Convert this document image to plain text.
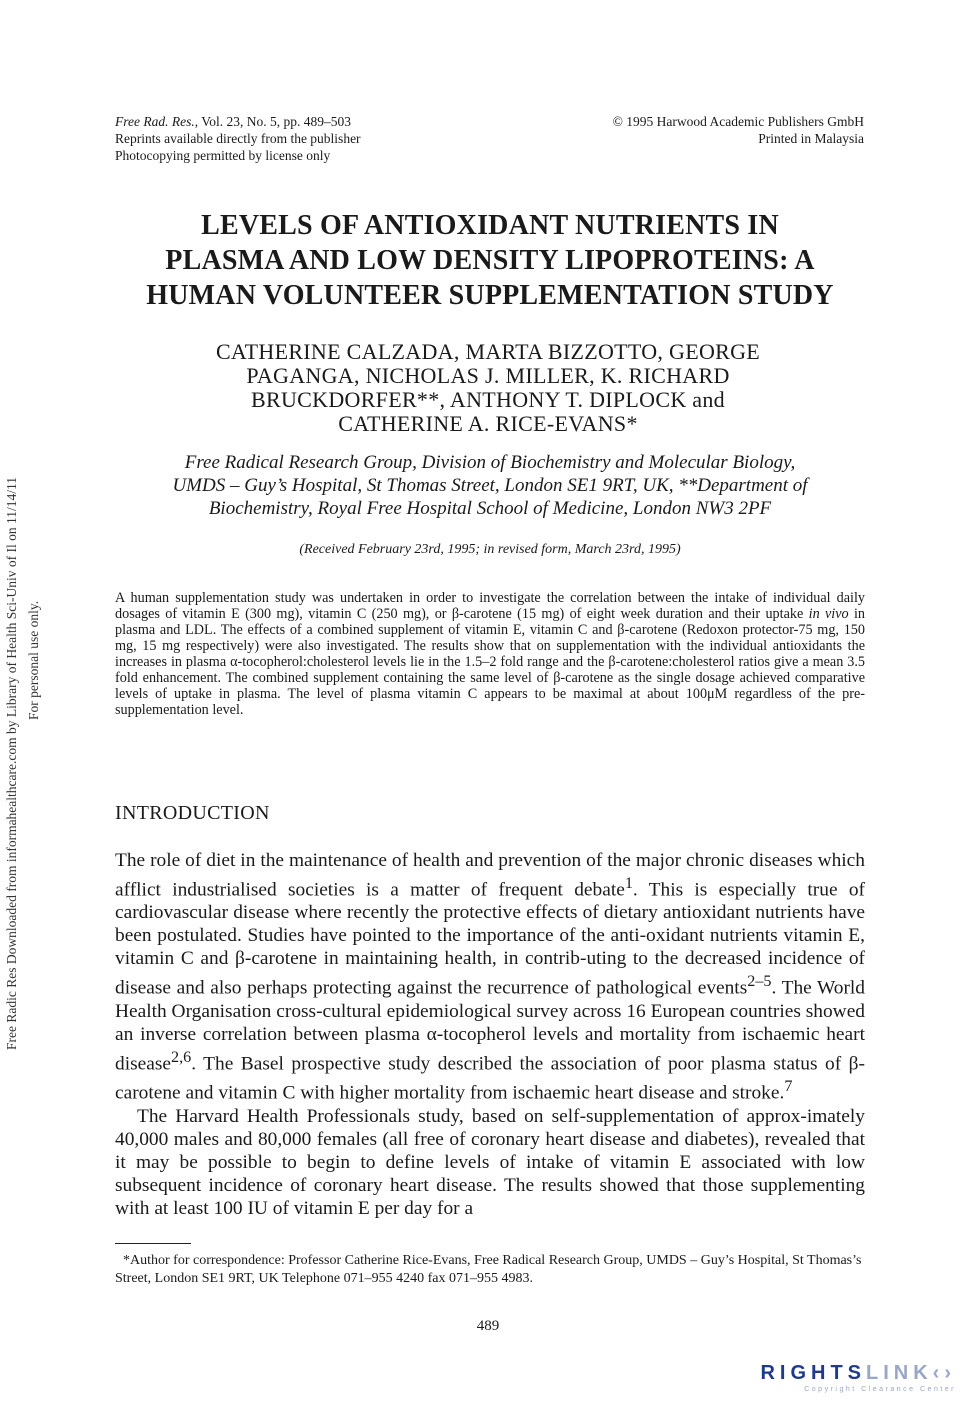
Free Radic Res Downloaded from informahealthcare.com by Library of Health Sci-Univ of Il on 11/14/11 For personal use only.
Free Rad. Res., Vol. 23, No. 5, pp. 489–503
Reprints available directly from the publisher
Photocopying permitted by license only
© 1995 Harwood Academic Publishers GmbH
Printed in Malaysia
LEVELS OF ANTIOXIDANT NUTRIENTS IN
PLASMA AND LOW DENSITY LIPOPROTEINS: A
HUMAN VOLUNTEER SUPPLEMENTATION STUDY
CATHERINE CALZADA, MARTA BIZZOTTO, GEORGE
PAGANGA, NICHOLAS J. MILLER, K. RICHARD
BRUCKDORFER**, ANTHONY T. DIPLOCK and
CATHERINE A. RICE-EVANS*
Free Radical Research Group, Division of Biochemistry and Molecular Biology,
UMDS – Guy’s Hospital, St Thomas Street, London SE1 9RT, UK, **Department of
Biochemistry, Royal Free Hospital School of Medicine, London NW3 2PF
(Received February 23rd, 1995; in revised form, March 23rd, 1995)
A human supplementation study was undertaken in order to investigate the correlation between the intake of individual daily dosages of vitamin E (300 mg), vitamin C (250 mg), or β-carotene (15 mg) of eight week duration and their uptake in vivo in plasma and LDL. The effects of a combined supplement of vitamin E, vitamin C and β-carotene (Redoxon protector-75 mg, 150 mg, 15 mg respectively) were also investigated. The results show that on supplementation with the individual antioxidants the increases in plasma α-tocopherol:cholesterol levels lie in the 1.5–2 fold range and the β-carotene:cholesterol ratios give a mean 3.5 fold enhancement. The combined supplement containing the same level of β-carotene as the single dosage achieved comparative levels of uptake in plasma. The level of plasma vitamin C appears to be maximal at about 100μM regardless of the pre-supplementation level.
INTRODUCTION

The role of diet in the maintenance of health and prevention of the major chronic diseases which afflict industrialised societies is a matter of frequent debate$^1$. This is especially true of cardiovascular disease where recently the protective effects of dietary antioxidant nutrients have been postulated. Studies have pointed to the importance of the anti-oxidant nutrients vitamin E, vitamin C and β-carotene in maintaining health, in contrib-uting to the decreased incidence of disease and also perhaps protecting against the recurrence of pathological events$^{2-5}$. The World Health Organisation cross-cultural epidemiological survey across 16 European countries showed an inverse correlation between plasma α-tocopherol levels and mortality from ischaemic heart disease$^{2,6}$. The Basel prospective study described the association of poor plasma status of β-carotene and vitamin C with higher mortality from ischaemic heart disease and stroke.$^7$

The Harvard Health Professionals study, based on self-supplementation of approx-imately 40,000 males and 80,000 females (all free of coronary heart disease and diabetes), revealed that it may be possible to begin to define levels of intake of vitamin E associated with low subsequent incidence of coronary heart disease. The results showed that those supplementing with at least 100 IU of vitamin E per day for a

*Author for correspondence: Professor Catherine Rice-Evans, Free Radical Research Group, UMDS – Guy’s Hospital, St Thomas’s Street, London SE1 9RT, UK Telephone 071–955 4240 fax 071–955 4983.
489
RIGHTSLINK‹›
Copyright Clearance Center
